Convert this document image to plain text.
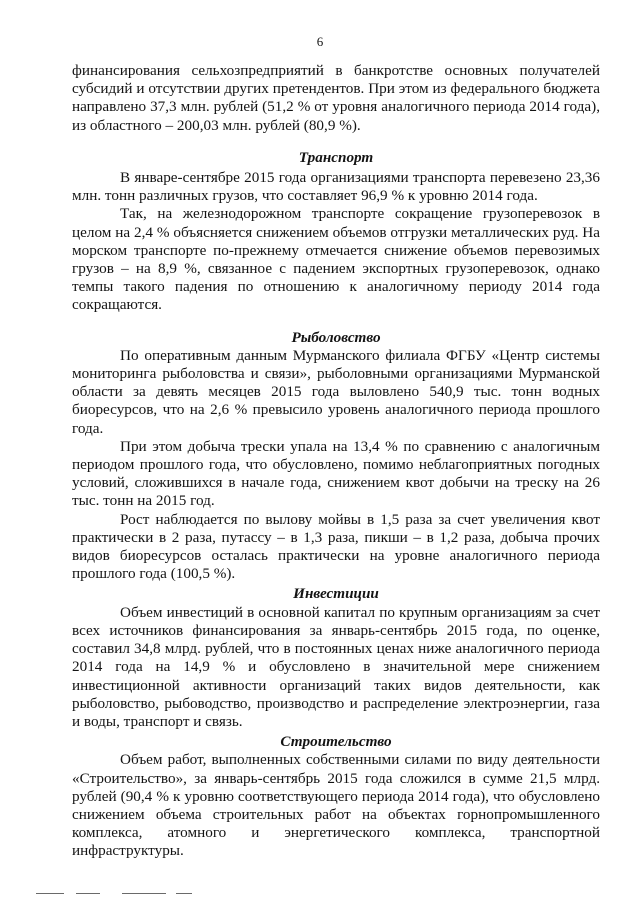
6

финансирования сельхозпредприятий в банкротстве основных получателей субсидий и отсутствии других претендентов. При этом из федерального бюджета направлено 37,3 млн. рублей (51,2 % от уровня аналогичного периода 2014 года), из областного – 200,03 млн. рублей (80,9 %).

Транспорт

В январе-сентябре 2015 года организациями транспорта перевезено 23,36 млн. тонн различных грузов, что составляет 96,9 % к уровню 2014 года.

Так, на железнодорожном транспорте сокращение грузоперевозок в целом на 2,4 % объясняется снижением объемов отгрузки металлических руд. На морском транспорте по-прежнему отмечается снижение объемов перевозимых грузов – на 8,9 %, связанное с падением экспортных грузоперевозок, однако темпы такого падения по отношению к аналогичному периоду 2014 года сокращаются.

Рыболовство

По оперативным данным Мурманского филиала ФГБУ «Центр системы мониторинга рыболовства и связи», рыболовными организациями Мурманской области за девять месяцев 2015 года выловлено 540,9 тыс. тонн водных биоресурсов, что на 2,6 % превысило уровень аналогичного периода прошлого года.

При этом добыча трески упала на 13,4 % по сравнению с аналогичным периодом прошлого года, что обусловлено, помимо неблагоприятных погодных условий, сложившихся в начале года, снижением квот добычи на треску на 26 тыс. тонн на 2015 год.

Рост наблюдается по вылову мойвы в 1,5 раза за счет увеличения квот практически в 2 раза, путассу – в 1,3 раза, пикши – в 1,2 раза, добыча прочих видов биоресурсов осталась практически на уровне аналогичного периода прошлого года (100,5 %).

Инвестиции

Объем инвестиций в основной капитал по крупным организациям за счет всех источников финансирования за январь-сентябрь 2015 года, по оценке, составил 34,8 млрд. рублей, что в постоянных ценах ниже аналогичного периода 2014 года на 14,9 % и обусловлено в значительной мере снижением инвестиционной активности организаций таких видов деятельности, как рыболовство, рыбоводство, производство и распределение электроэнергии, газа и воды, транспорт и связь.

Строительство

Объем работ, выполненных собственными силами по виду деятельности «Строительство», за январь-сентябрь 2015 года сложился в сумме 21,5 млрд. рублей (90,4 % к уровню соответствующего периода 2014 года), что обусловлено снижением объема строительных работ на объектах горнопромышленного комплекса, атомного и энергетического комплекса, транспортной инфраструктуры.
